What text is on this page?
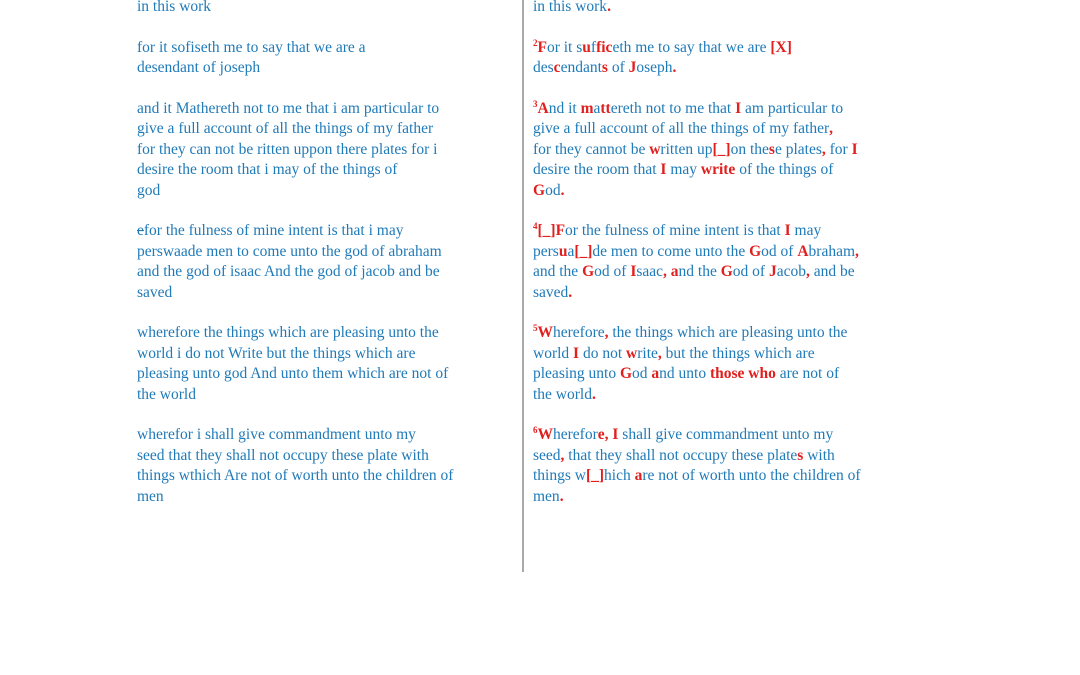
in this work

for it sofiseth me to say that we are a
desendant of joseph

and it Mathereth not to me that i am particular to
give a full account of all the things of my father
for they can not be ritten uppon there plates for i
desire the room that i may of the things of
god

efor the fulness of mine intent is that i may
perswaade men to come unto the god of abraham
and the god of isaac And the god of jacob and be
saved

wherefore the things which are pleasing unto the
world i do not Write but the things which are
pleasing unto god And unto them which are not of
the world

wherefor i shall give commandment unto my
seed that they shall not occupy these plate with
things wthich Are not of worth unto the children of
men

in this work.

$^2$For it sufficeth me to say that we are [X]
descendants of Joseph.

$^3$And it mattereth not to me that I am particular to
give a full account of all the things of my father,
for they cannot be written up[_]on these plates, for I
desire the room that I may write of the things of
God.

$^4$[_]For the fulness of mine intent is that I may
persua[_]de men to come unto the God of Abraham,
and the God of Isaac, and the God of Jacob, and be
saved.

$^5$Wherefore, the things which are pleasing unto the
world I do not write, but the things which are
pleasing unto God and unto those who are not of
the world.

$^6$Wherefore, I shall give commandment unto my
seed, that they shall not occupy these plates with
things w[_]hich are not of worth unto the children of
men.
